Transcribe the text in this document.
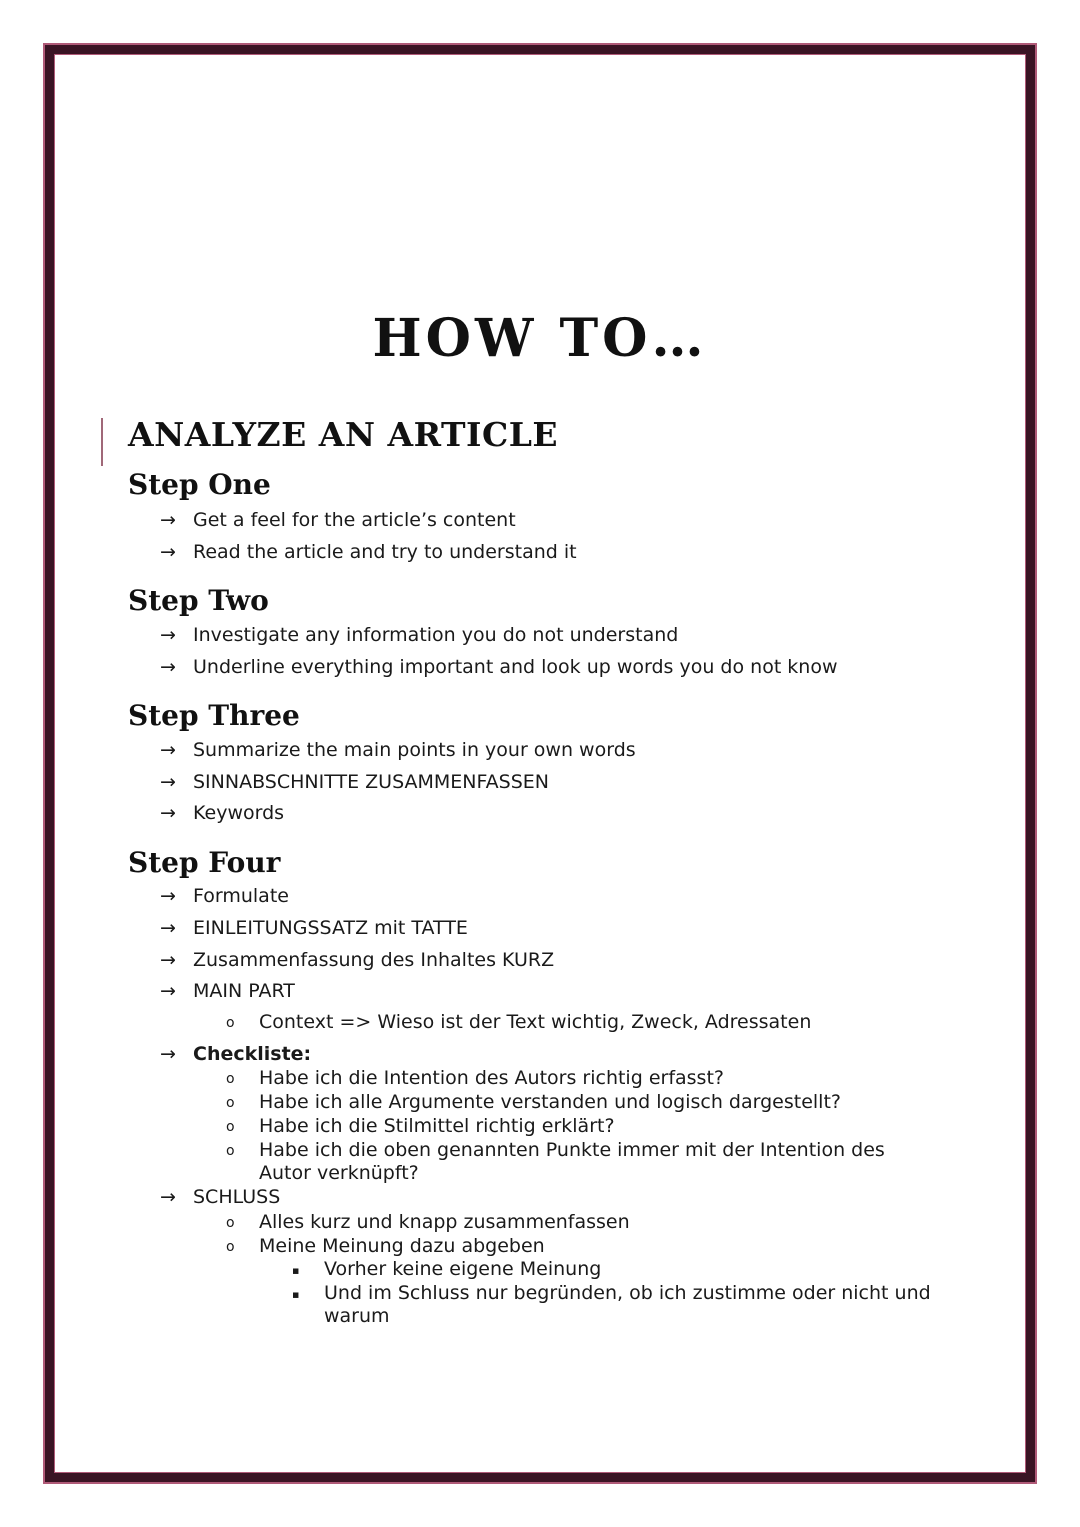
HOW TO…
ANALYZE AN ARTICLE
Step One
→ Get a feel for the article’s content
→ Read the article and try to understand it
Step Two
→ Investigate any information you do not understand
→ Underline everything important and look up words you do not know
Step Three
→ Summarize the main points in your own words
→ SINNABSCHNITTE ZUSAMMENFASSEN
→ Keywords
Step Four
→ Formulate
→ EINLEITUNGSSATZ mit TATTE
→ Zusammenfassung des Inhaltes KURZ
→ MAIN PART
o Context => Wieso ist der Text wichtig, Zweck, Adressaten
→ Checkliste:
o Habe ich die Intention des Autors richtig erfasst?
o Habe ich alle Argumente verstanden und logisch dargestellt?
o Habe ich die Stilmittel richtig erklärt?
o Habe ich die oben genannten Punkte immer mit der Intention des
Autor verknüpft?
→ SCHLUSS
o Alles kurz und knapp zusammenfassen
o Meine Meinung dazu abgeben
▪ Vorher keine eigene Meinung
▪ Und im Schluss nur begründen, ob ich zustimme oder nicht und
warum
